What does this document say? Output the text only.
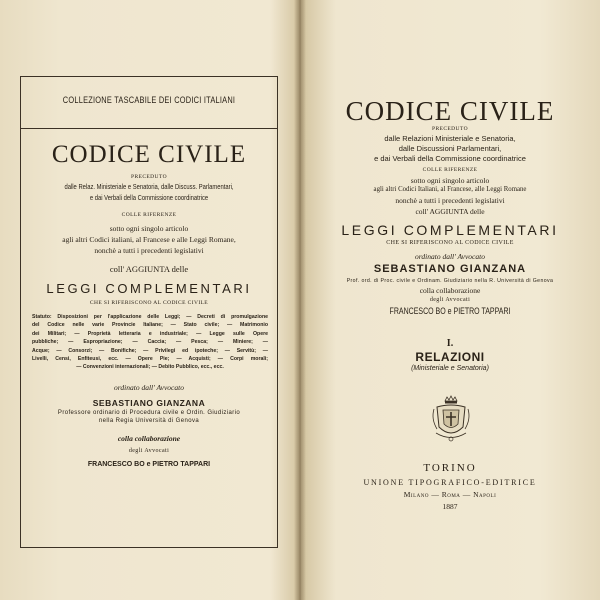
COLLEZIONE TASCABILE DEI CODICI ITALIANI
CODICE CIVILE
PRECEDUTO
dalle Relaz. Ministeriale e Senatoria, dalle Discuss. Parlamentari,
e dai Verbali della Commissione coordinatrice
COLLE RIFERENZE
sotto ogni singolo articolo
agli altri Codici italiani, al Francese e alle Leggi Romane,
nonchè a tutti i precedenti legislativi
coll' AGGIUNTA delle
LEGGI COMPLEMENTARI
CHE SI RIFERISCONO AL CODICE CIVILE
Statuto: Disposizioni per l'applicazione delle Leggi; — Decreti di promulgazione
del Codice nelle varie Provincie Italiane; — Stato civile; — Matrimonio
dei Militari; — Proprietà letteraria e industriale; — Legge sulle Opere
pubbliche; — Espropriazione; — Caccia; — Pesca; — Miniere; —
Acque; — Consorzi; — Bonifiche; — Privilegi ed ipoteche; — Servitù; —
Livelli, Censi, Enfiteusi, ecc. — Opere Pie; — Acquisti; — Corpi morali;
— Convenzioni internazionali; — Debito Pubblico, ecc., ecc.
ordinato dall' Avvocato
SEBASTIANO GIANZANA
Professore ordinario di Procedura civile e Ordin. Giudiziario
nella Regia Università di Genova
colla collaborazione
degli Avvocati
FRANCESCO BO e PIETRO TAPPARI
CODICE CIVILE
PRECEDUTO
dalle Relazioni Ministeriale e Senatoria,
dalle Discussioni Parlamentari,
e dai Verbali della Commissione coordinatrice
COLLE RIFERENZE
sotto ogni singolo articolo
agli altri Codici Italiani, al Francese, alle Leggi Romane
nonchè a tutti i precedenti legislativi
coll' AGGIUNTA delle
LEGGI COMPLEMENTARI
CHE SI RIFERISCONO AL CODICE CIVILE
ordinato dall' Avvocato
SEBASTIANO GIANZANA
Prof. ord. di Proc. civile e Ordinam. Giudiziario nella R. Università di Genova
colla collaborazione
degli Avvocati
FRANCESCO BO e PIETRO TAPPARI
I.
RELAZIONI
(Ministeriale e Senatoria)
TORINO
UNIONE TIPOGRAFICO-EDITRICE
Milano — Roma — Napoli
1887
